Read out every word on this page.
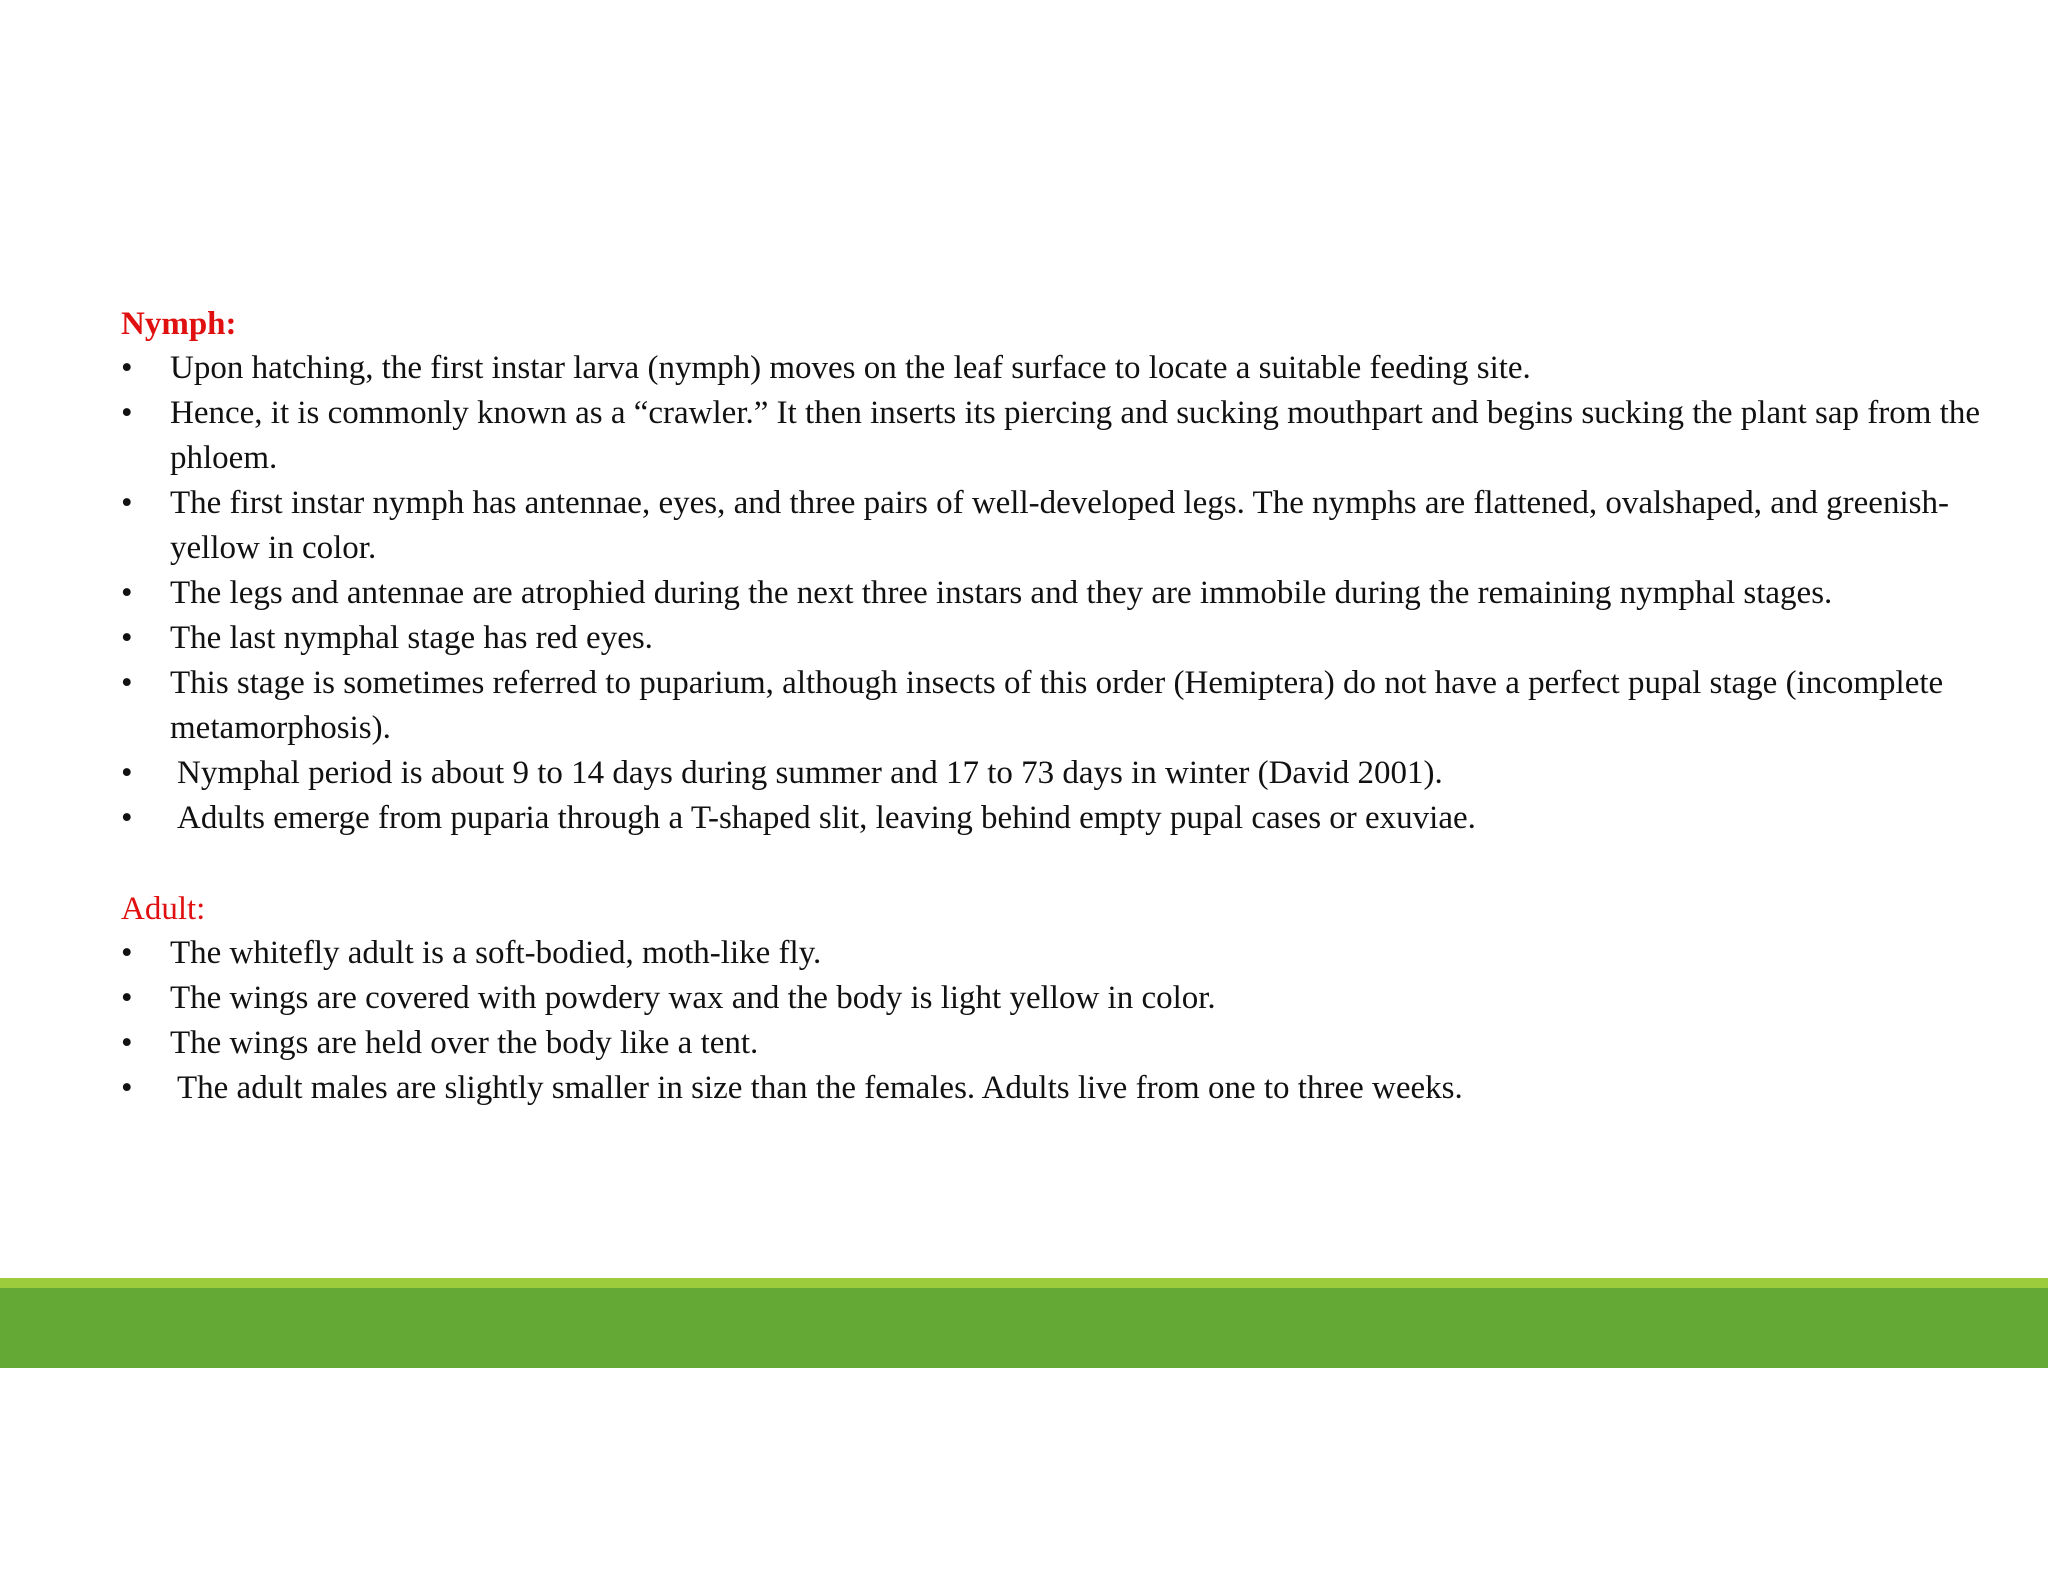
Nymph:
•	Upon hatching, the first instar larva (nymph) moves on the leaf surface to locate a suitable feeding site.
•	Hence, it is commonly known as a “crawler.” It then inserts its piercing and sucking mouthpart and begins sucking the plant sap from the phloem.
•	The first instar nymph has antennae, eyes, and three pairs of well-developed legs. The nymphs are flattened, ovalshaped, and greenish-yellow in color.
•	The legs and antennae are atrophied during the next three instars and they are immobile during the remaining nymphal stages.
•	The last nymphal stage has red eyes.
•	This stage is sometimes referred to puparium, although insects of this order (Hemiptera) do not have a perfect pupal stage (incomplete metamorphosis).
•	Nymphal period is about 9 to 14 days during summer and 17 to 73 days in winter (David 2001).
•	Adults emerge from puparia through a T-shaped slit, leaving behind empty pupal cases or exuviae.
Adult:
•	The whitefly adult is a soft-bodied, moth-like fly.
•	The wings are covered with powdery wax and the body is light yellow in color.
•	The wings are held over the body like a tent.
•	The adult males are slightly smaller in size than the females. Adults live from one to three weeks.
